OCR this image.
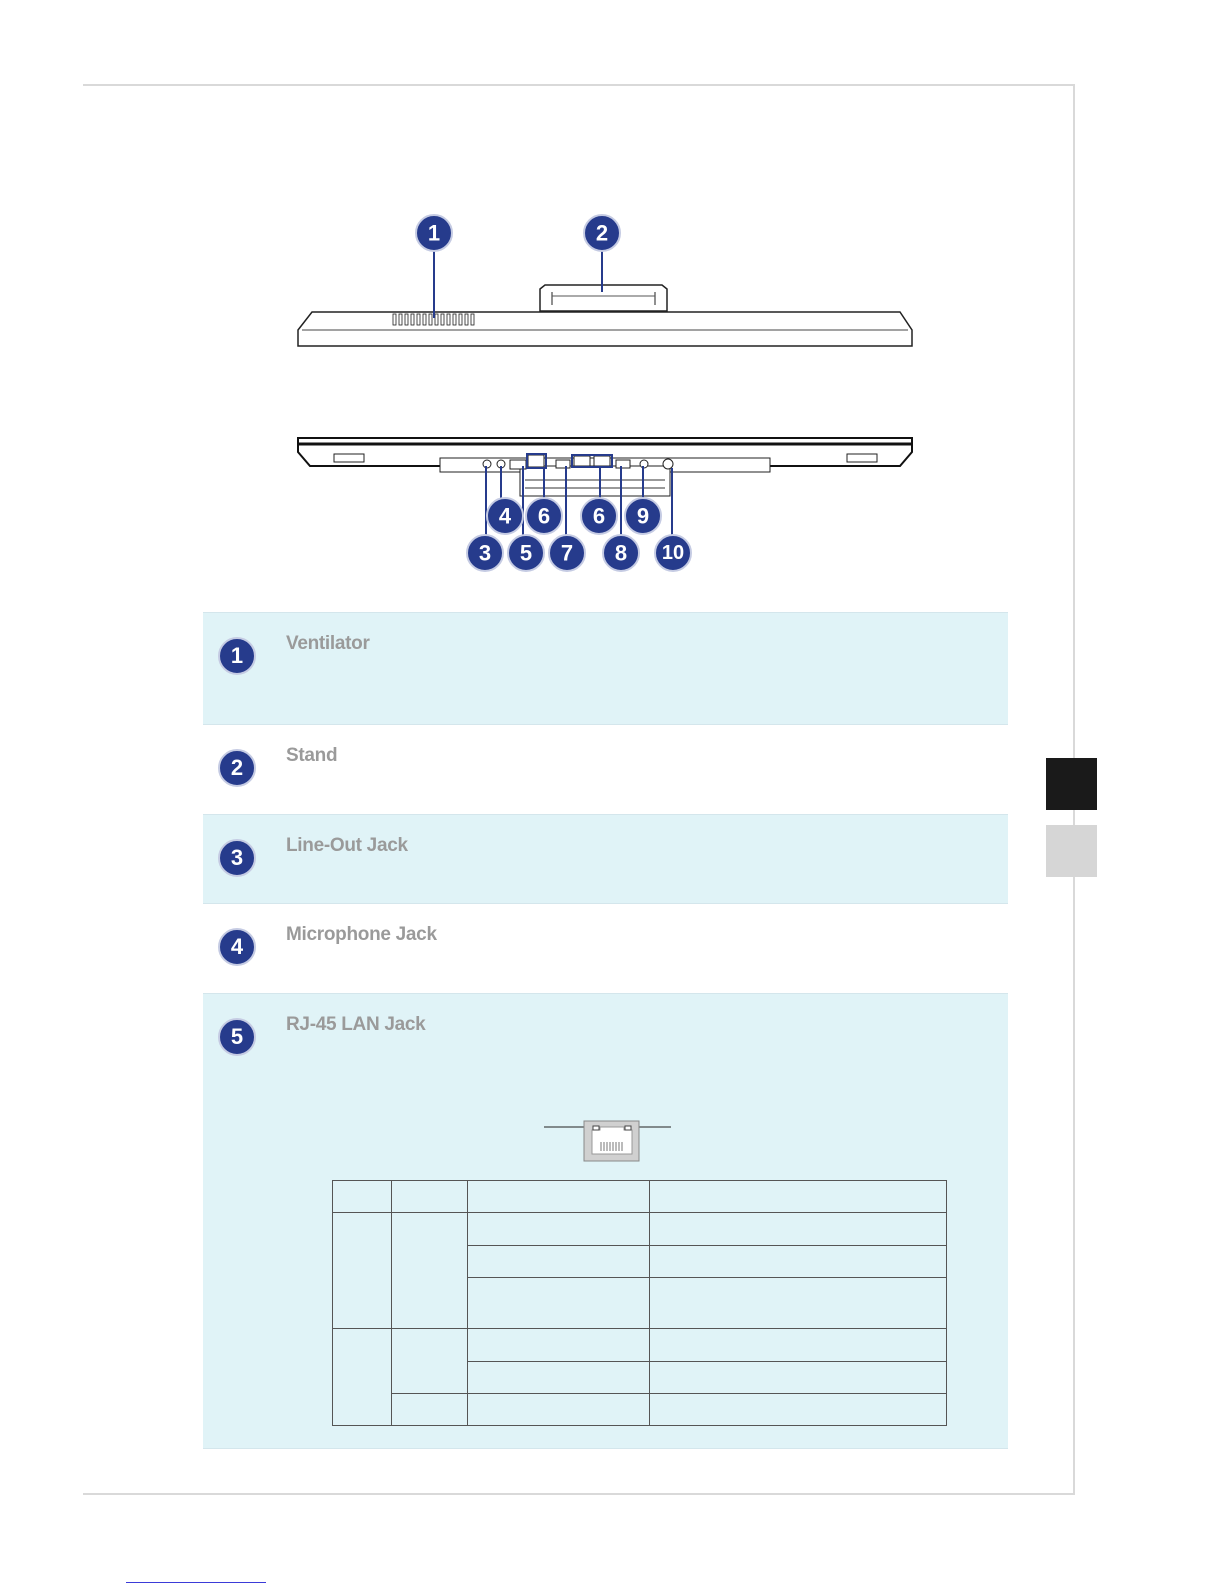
1	2
4 6 6 9
3 5 7 8 10
1	Ventilator
2	Stand
3	Line-Out Jack
4	Microphone Jack
5	RJ-45 LAN Jack
